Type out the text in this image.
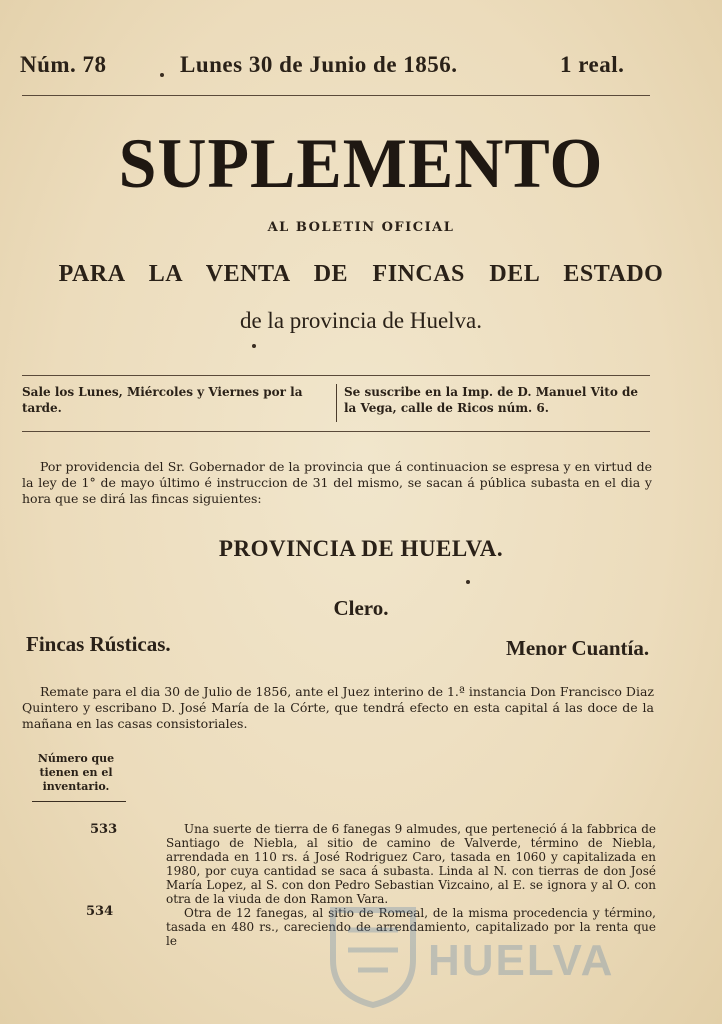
Núm. 78	Lunes 30 de Junio de 1856.	1 real.
SUPLEMENTO
AL BOLETIN OFICIAL
PARA LA VENTA DE FINCAS DEL ESTADO
de la provincia de Huelva.
Sale los Lunes, Miércoles y Viernes por la tarde.
Se suscribe en la Imp. de D. Manuel Vito de la Vega, calle de Ricos núm. 6.
Por providencia del Sr. Gobernador de la provincia que á continuacion se espresa y en virtud de la ley de 1° de mayo último é instruccion de 31 del mismo, se sacan á pública subasta en el dia y hora que se dirá las fincas siguientes:
PROVINCIA DE HUELVA.
Clero.
Fincas Rústicas.	Menor Cuantía.
Remate para el dia 30 de Julio de 1856, ante el Juez interino de 1.ª instancia Don Francisco Diaz Quintero y escribano D. José María de la Córte, que tendrá efecto en esta capital á las doce de la mañana en las casas consistoriales.
Número que tienen en el inventario.
533	Una suerte de tierra de 6 fanegas 9 almudes, que perteneció á la fabbrica de Santiago de Niebla, al sitio de camino de Valverde, término de Niebla, arrendada en 110 rs. á José Rodriguez Caro, tasada en 1060 y capitalizada en 1980, por cuya cantidad se saca á subasta. Linda al N. con tierras de don José María Lopez, al S. con don Pedro Sebastian Vizcaino, al E. se ignora y al O. con otra de la viuda de don Ramon Vara.
534	Otra de 12 fanegas, al sitio de Romeal, de la misma procedencia y término, tasada en 480 rs., careciendo de arrendamiento, capitalizado por la renta que le	HUELVA
